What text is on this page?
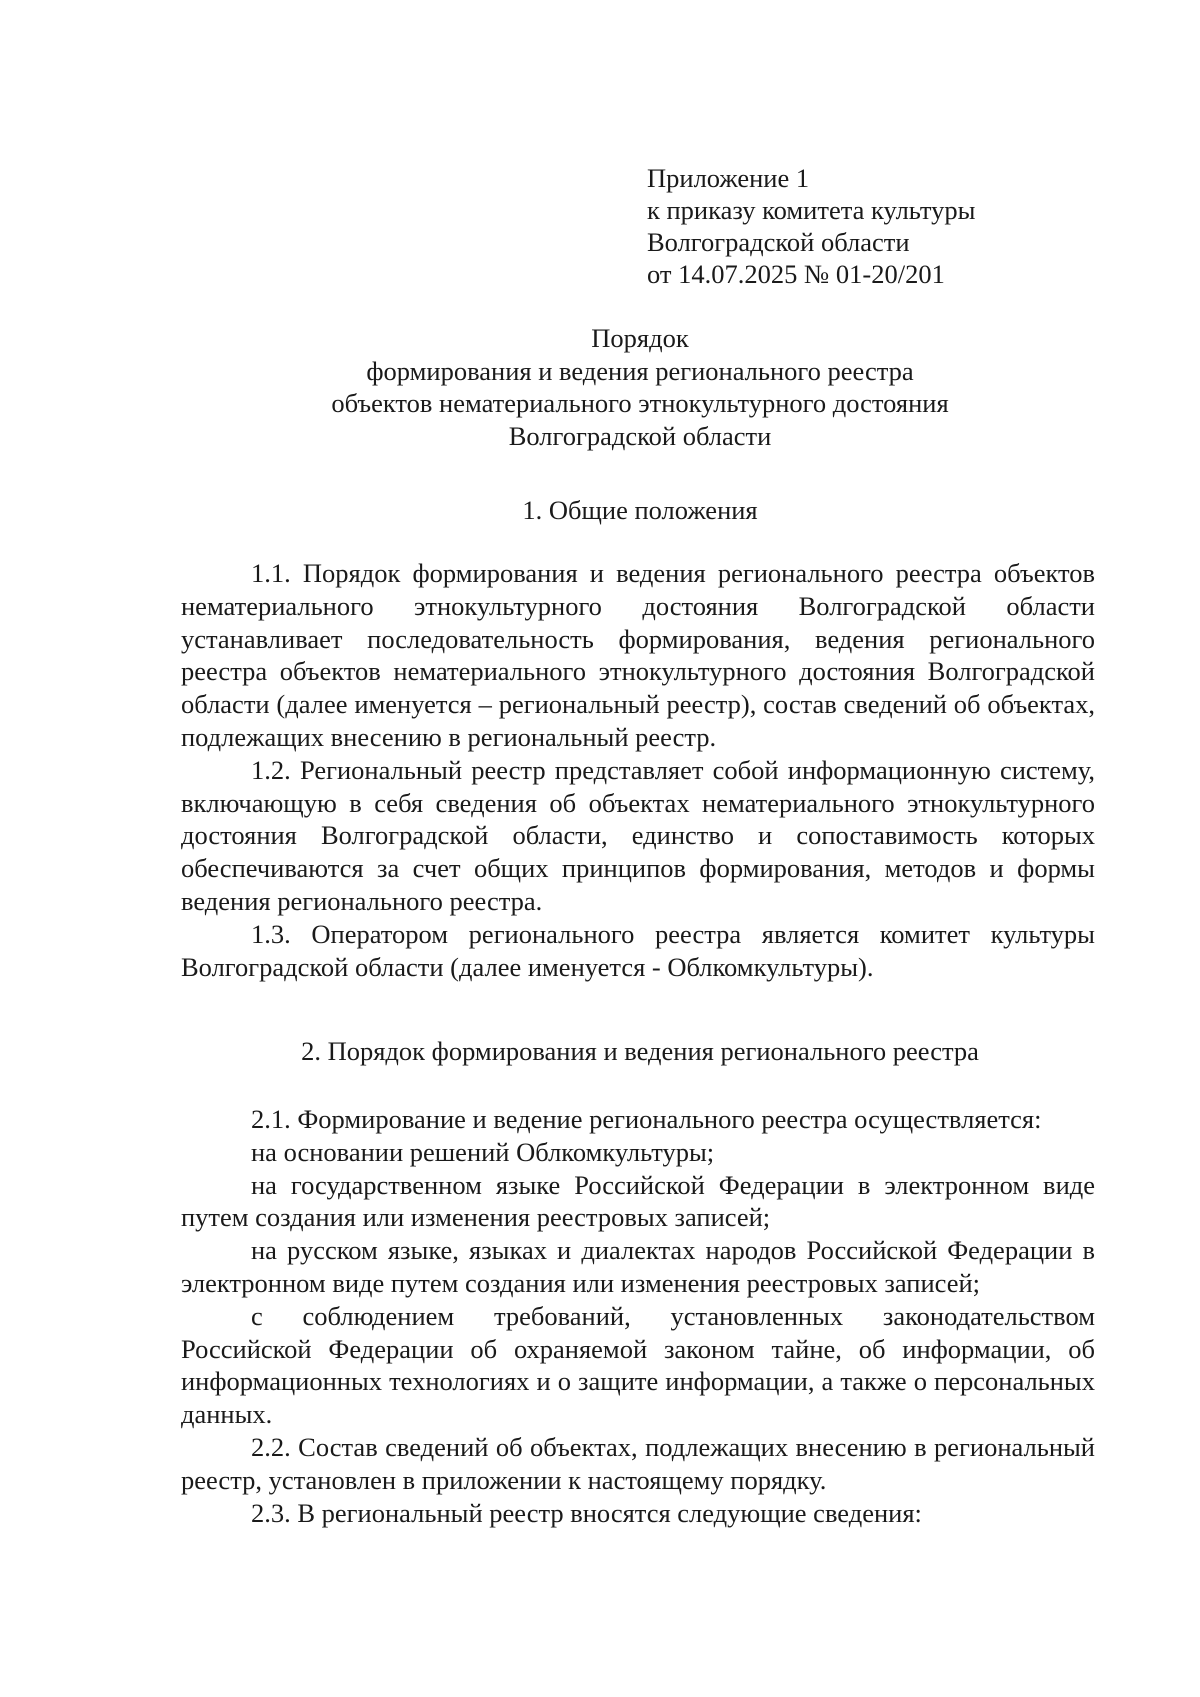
Приложение 1
к приказу комитета культуры
Волгоградской области
от 14.07.2025 № 01-20/201
Порядок
формирования и ведения регионального реестра
объектов нематериального этнокультурного достояния
Волгоградской области
1. Общие положения

1.1. Порядок формирования и ведения регионального реестра объектов нематериального этнокультурного достояния Волгоградской области устанавливает последовательность формирования, ведения регионального реестра объектов нематериального этнокультурного достояния Волгоградской области (далее именуется – региональный реестр), состав сведений об объектах, подлежащих внесению в региональный реестр.

1.2. Региональный реестр представляет собой информационную систему, включающую в себя сведения об объектах нематериального этнокультурного достояния Волгоградской области, единство и сопоставимость которых обеспечиваются за счет общих принципов формирования, методов и формы ведения регионального реестра.

1.3. Оператором регионального реестра является комитет культуры Волгоградской области (далее именуется - Облкомкультуры).

2. Порядок формирования и ведения регионального реестра

2.1. Формирование и ведение регионального реестра осуществляется:

на основании решений Облкомкультуры;

на государственном языке Российской Федерации в электронном виде путем создания или изменения реестровых записей;

на русском языке, языках и диалектах народов Российской Федерации в электронном виде путем создания или изменения реестровых записей;

с соблюдением требований, установленных законодательством Российской Федерации об охраняемой законом тайне, об информации, об информационных технологиях и о защите информации, а также о персональных данных.

2.2. Состав сведений об объектах, подлежащих внесению в региональный реестр, установлен в приложении к настоящему порядку.

2.3. В региональный реестр вносятся следующие сведения:
